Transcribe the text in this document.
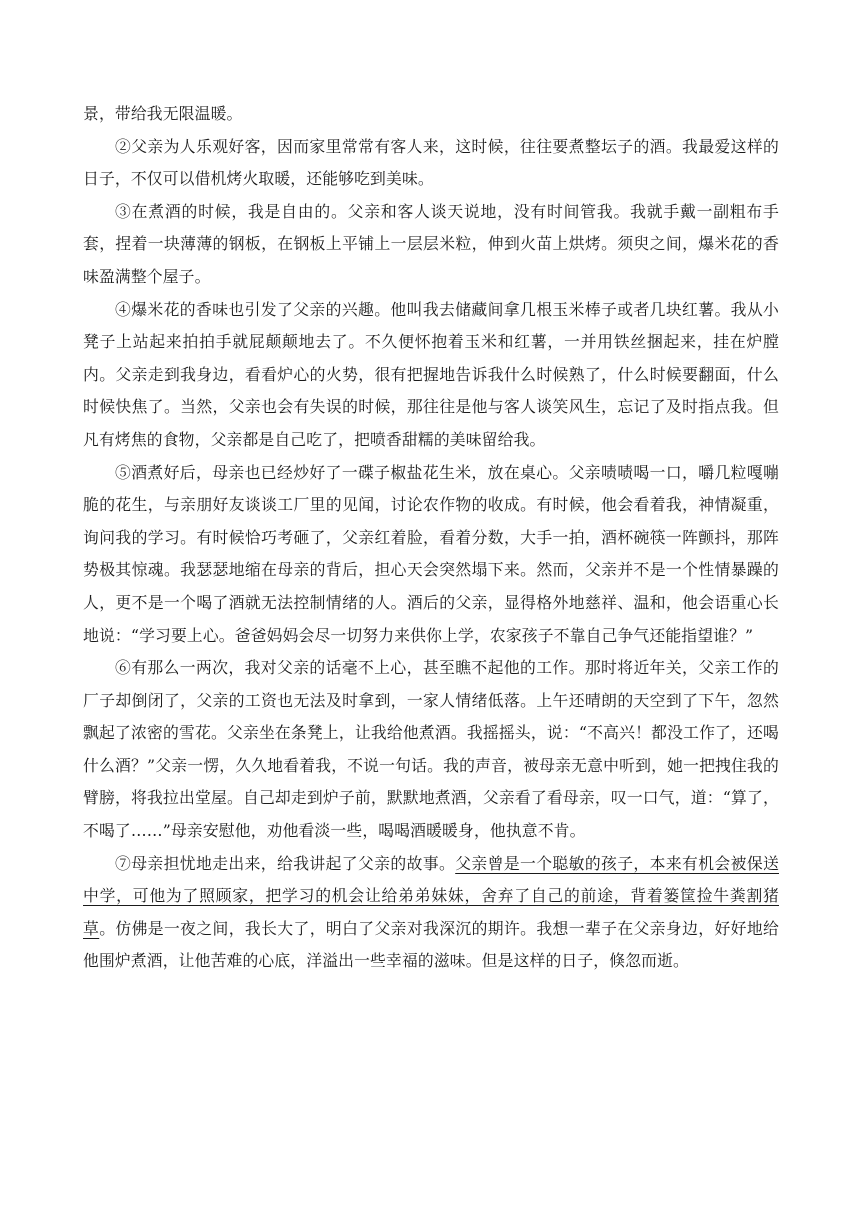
景，带给我无限温暖。

②父亲为人乐观好客，因而家里常常有客人来，这时候，往往要煮整坛子的酒。我最爱这样的日子，不仅可以借机烤火取暖，还能够吃到美味。

③在煮酒的时候，我是自由的。父亲和客人谈天说地，没有时间管我。我就手戴一副粗布手套，捏着一块薄薄的钢板，在钢板上平铺上一层层米粒，伸到火苗上烘烤。须臾之间，爆米花的香味盈满整个屋子。

④爆米花的香味也引发了父亲的兴趣。他叫我去储藏间拿几根玉米棒子或者几块红薯。我从小凳子上站起来拍拍手就屁颠颠地去了。不久便怀抱着玉米和红薯，一并用铁丝捆起来，挂在炉膛内。父亲走到我身边，看看炉心的火势，很有把握地告诉我什么时候熟了，什么时候要翻面，什么时候快焦了。当然，父亲也会有失误的时候，那往往是他与客人谈笑风生，忘记了及时指点我。但凡有烤焦的食物，父亲都是自己吃了，把喷香甜糯的美味留给我。

⑤酒煮好后，母亲也已经炒好了一碟子椒盐花生米，放在桌心。父亲啧啧喝一口，嚼几粒嘎嘣脆的花生，与亲朋好友谈谈工厂里的见闻，讨论农作物的收成。有时候，他会看着我，神情凝重，询问我的学习。有时候恰巧考砸了，父亲红着脸，看着分数，大手一拍，酒杯碗筷一阵颤抖，那阵势极其惊魂。我瑟瑟地缩在母亲的背后，担心天会突然塌下来。然而，父亲并不是一个性情暴躁的人，更不是一个喝了酒就无法控制情绪的人。酒后的父亲，显得格外地慈祥、温和，他会语重心长地说：“学习要上心。爸爸妈妈会尽一切努力来供你上学，农家孩子不靠自己争气还能指望谁？”

⑥有那么一两次，我对父亲的话毫不上心，甚至瞧不起他的工作。那时将近年关，父亲工作的厂子却倒闭了，父亲的工资也无法及时拿到，一家人情绪低落。上午还晴朗的天空到了下午，忽然飘起了浓密的雪花。父亲坐在条凳上，让我给他煮酒。我摇摇头，说：“不高兴！都没工作了，还喝什么酒？”父亲一愣，久久地看着我，不说一句话。我的声音，被母亲无意中听到，她一把拽住我的臂膀，将我拉出堂屋。自己却走到炉子前，默默地煮酒，父亲看了看母亲，叹一口气，道：“算了，不喝了……”母亲安慰他，劝他看淡一些，喝喝酒暖暖身，他执意不肯。

⑦母亲担忧地走出来，给我讲起了父亲的故事。父亲曾是一个聪敏的孩子，本来有机会被保送中学，可他为了照顾家，把学习的机会让给弟弟妹妹，舍弃了自己的前途，背着篓筐捡牛粪割猪草。仿佛是一夜之间，我长大了，明白了父亲对我深沉的期许。我想一辈子在父亲身边，好好地给他围炉煮酒，让他苦难的心底，洋溢出一些幸福的滋味。但是这样的日子，倏忽而逝。
